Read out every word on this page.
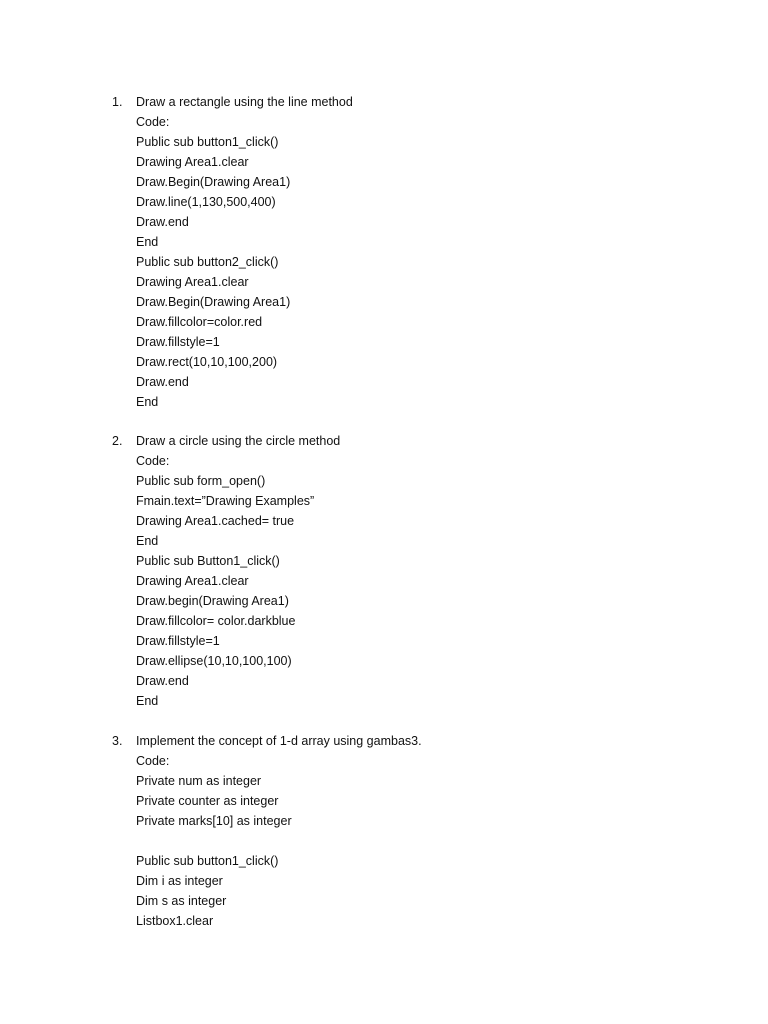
1.	Draw a rectangle using the line method
Code:
Public sub button1_click()
Drawing Area1.clear
Draw.Begin(Drawing Area1)
Draw.line(1,130,500,400)
Draw.end
End
Public sub button2_click()
Drawing Area1.clear
Draw.Begin(Drawing Area1)
Draw.fillcolor=color.red
Draw.fillstyle=1
Draw.rect(10,10,100,200)
Draw.end
End
2.	Draw a circle using the circle method
Code:
Public sub form_open()
Fmain.text=”Drawing Examples”
Drawing Area1.cached= true
End
Public sub Button1_click()
Drawing Area1.clear
Draw.begin(Drawing Area1)
Draw.fillcolor= color.darkblue
Draw.fillstyle=1
Draw.ellipse(10,10,100,100)
Draw.end
End
3.	Implement the concept of 1-d array using gambas3.
Code:
Private num as integer
Private counter as integer
Private marks[10] as integer
Public sub button1_click()
Dim i as integer
Dim s as integer
Listbox1.clear
